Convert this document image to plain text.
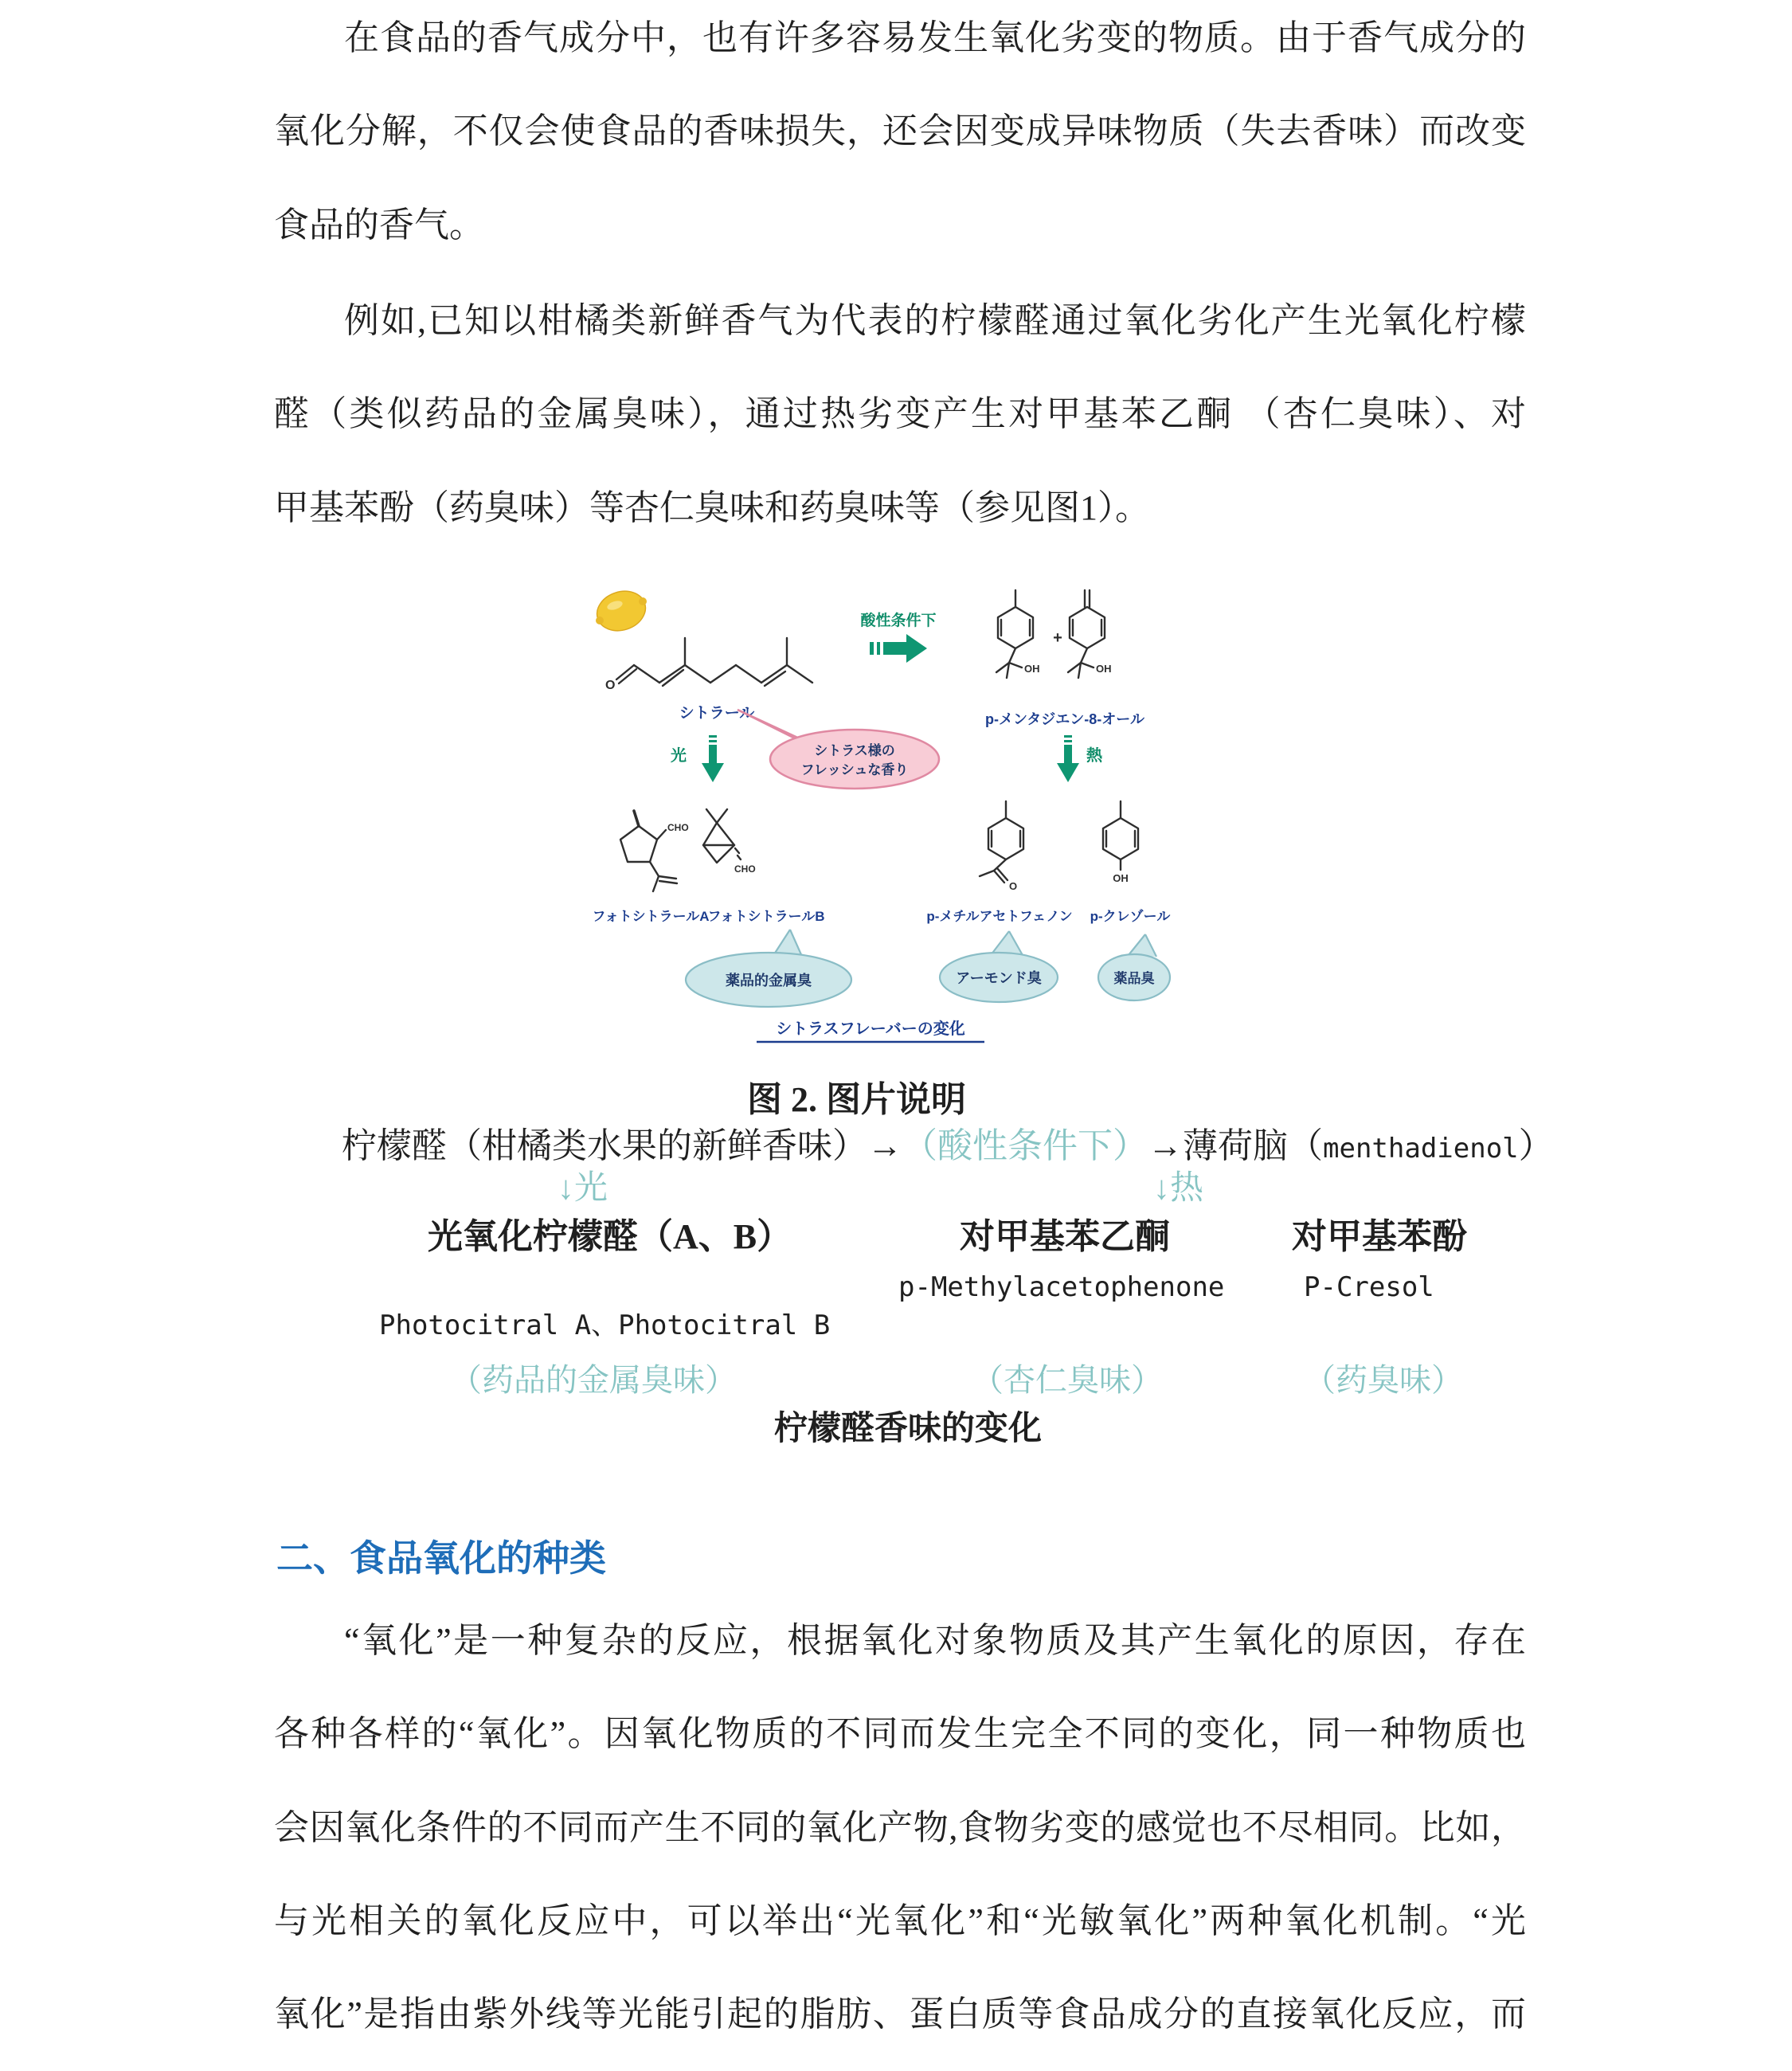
在食品的香气成分中，也有许多容易发生氧化劣变的物质。由于香气成分的
氧化分解，不仅会使食品的香味损失，还会因变成异味物质（失去香味）而改变
食品的香气。
例如,已知以柑橘类新鲜香气为代表的柠檬醛通过氧化劣化产生光氧化柠檬
醛（类似药品的金属臭味），通过热劣变产生对甲基苯乙酮 （杏仁臭味）、对
甲基苯酚（药臭味）等杏仁臭味和药臭味等（参见图1）。
O
シトラール
酸性条件下
OH
+
OH
p-メンタジエン-8-オール
光	シトラス様の
フレッシュな香り
熱
CHO
CHO
フォトシトラールA
フォトシトラールB
O
OH
p-メチルアセトフェノン p-クレゾール
薬品的金属臭	アーモンド臭	薬品臭
シトラスフレーバーの変化
图 2. 图片说明
柠檬醛（柑橘类水果的新鲜香味）→（酸性条件下）→薄荷脑（menthadienol）
↓光	↓热
光氧化柠檬醛（A、B）	对甲基苯乙酮	对甲基苯酚
p-Methylacetophenone	P-Cresol
Photocitral A、Photocitral B
（药品的金属臭味）	（杏仁臭味）	（药臭味）
柠檬醛香味的变化
二、食品氧化的种类
“氧化”是一种复杂的反应，根据氧化对象物质及其产生氧化的原因，存在
各种各样的“氧化”。因氧化物质的不同而发生完全不同的变化，同一种物质也
会因氧化条件的不同而产生不同的氧化产物,食物劣变的感觉也不尽相同。比如，
与光相关的氧化反应中，可以举出“光氧化”和“光敏氧化”两种氧化机制。“光
氧化”是指由紫外线等光能引起的脂肪、蛋白质等食品成分的直接氧化反应，而
